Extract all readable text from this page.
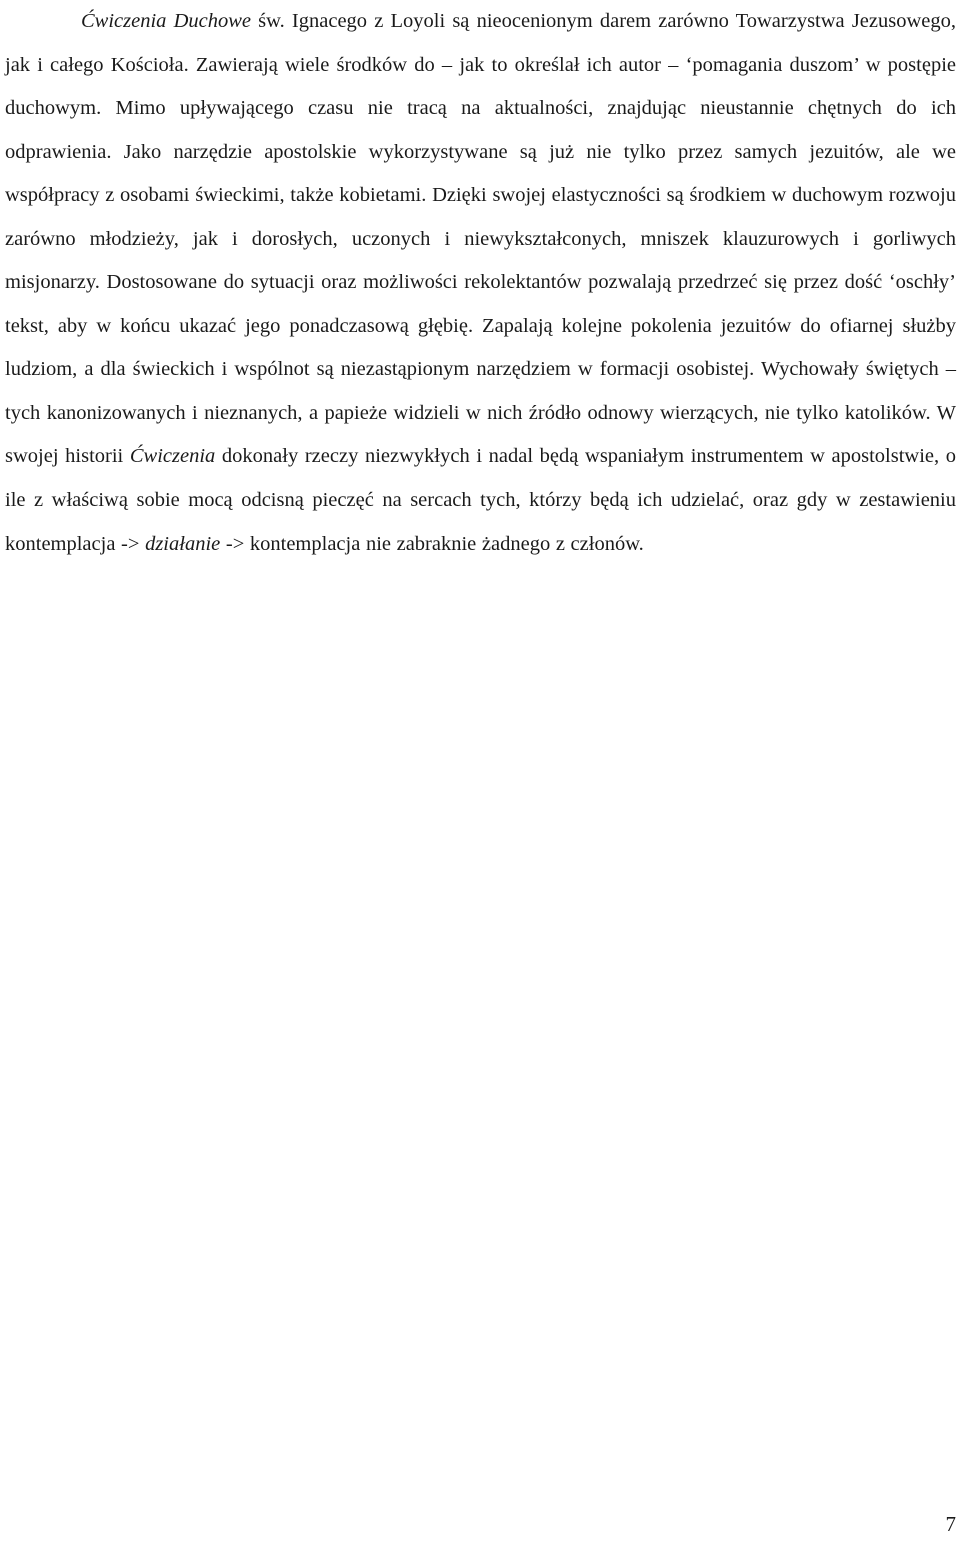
Ćwiczenia Duchowe św. Ignacego z Loyoli są nieocenionym darem zarówno Towarzystwa Jezusowego, jak i całego Kościoła. Zawierają wiele środków do – jak to określał ich autor – ‘pomagania duszom’ w postępie duchowym. Mimo upływającego czasu nie tracą na aktualności, znajdując nieustannie chętnych do ich odprawienia. Jako narzędzie apostolskie wykorzystywane są już nie tylko przez samych jezuitów, ale we współpracy z osobami świeckimi, także kobietami. Dzięki swojej elastyczności są środkiem w duchowym rozwoju zarówno młodzieży, jak i dorosłych, uczonych i niewykształconych, mniszek klauzurowych i gorliwych misjonarzy. Dostosowane do sytuacji oraz możliwości rekolektantów pozwalają przedrzeć się przez dość ‘oschły’ tekst, aby w końcu ukazać jego ponadczasową głębię. Zapalają kolejne pokolenia jezuitów do ofiarnej służby ludziom, a dla świeckich i wspólnot są niezastąpionym narzędziem w formacji osobistej. Wychowały świętych – tych kanonizowanych i nieznanych, a papieże widzieli w nich źródło odnowy wierzących, nie tylko katolików. W swojej historii Ćwiczenia dokonały rzeczy niezwykłych i nadal będą wspaniałym instrumentem w apostolstwie, o ile z właściwą sobie mocą odcisną pieczęć na sercach tych, którzy będą ich udzielać, oraz gdy w zestawieniu kontemplacja -> działanie -> kontemplacja nie zabraknie żadnego z członów.

7
